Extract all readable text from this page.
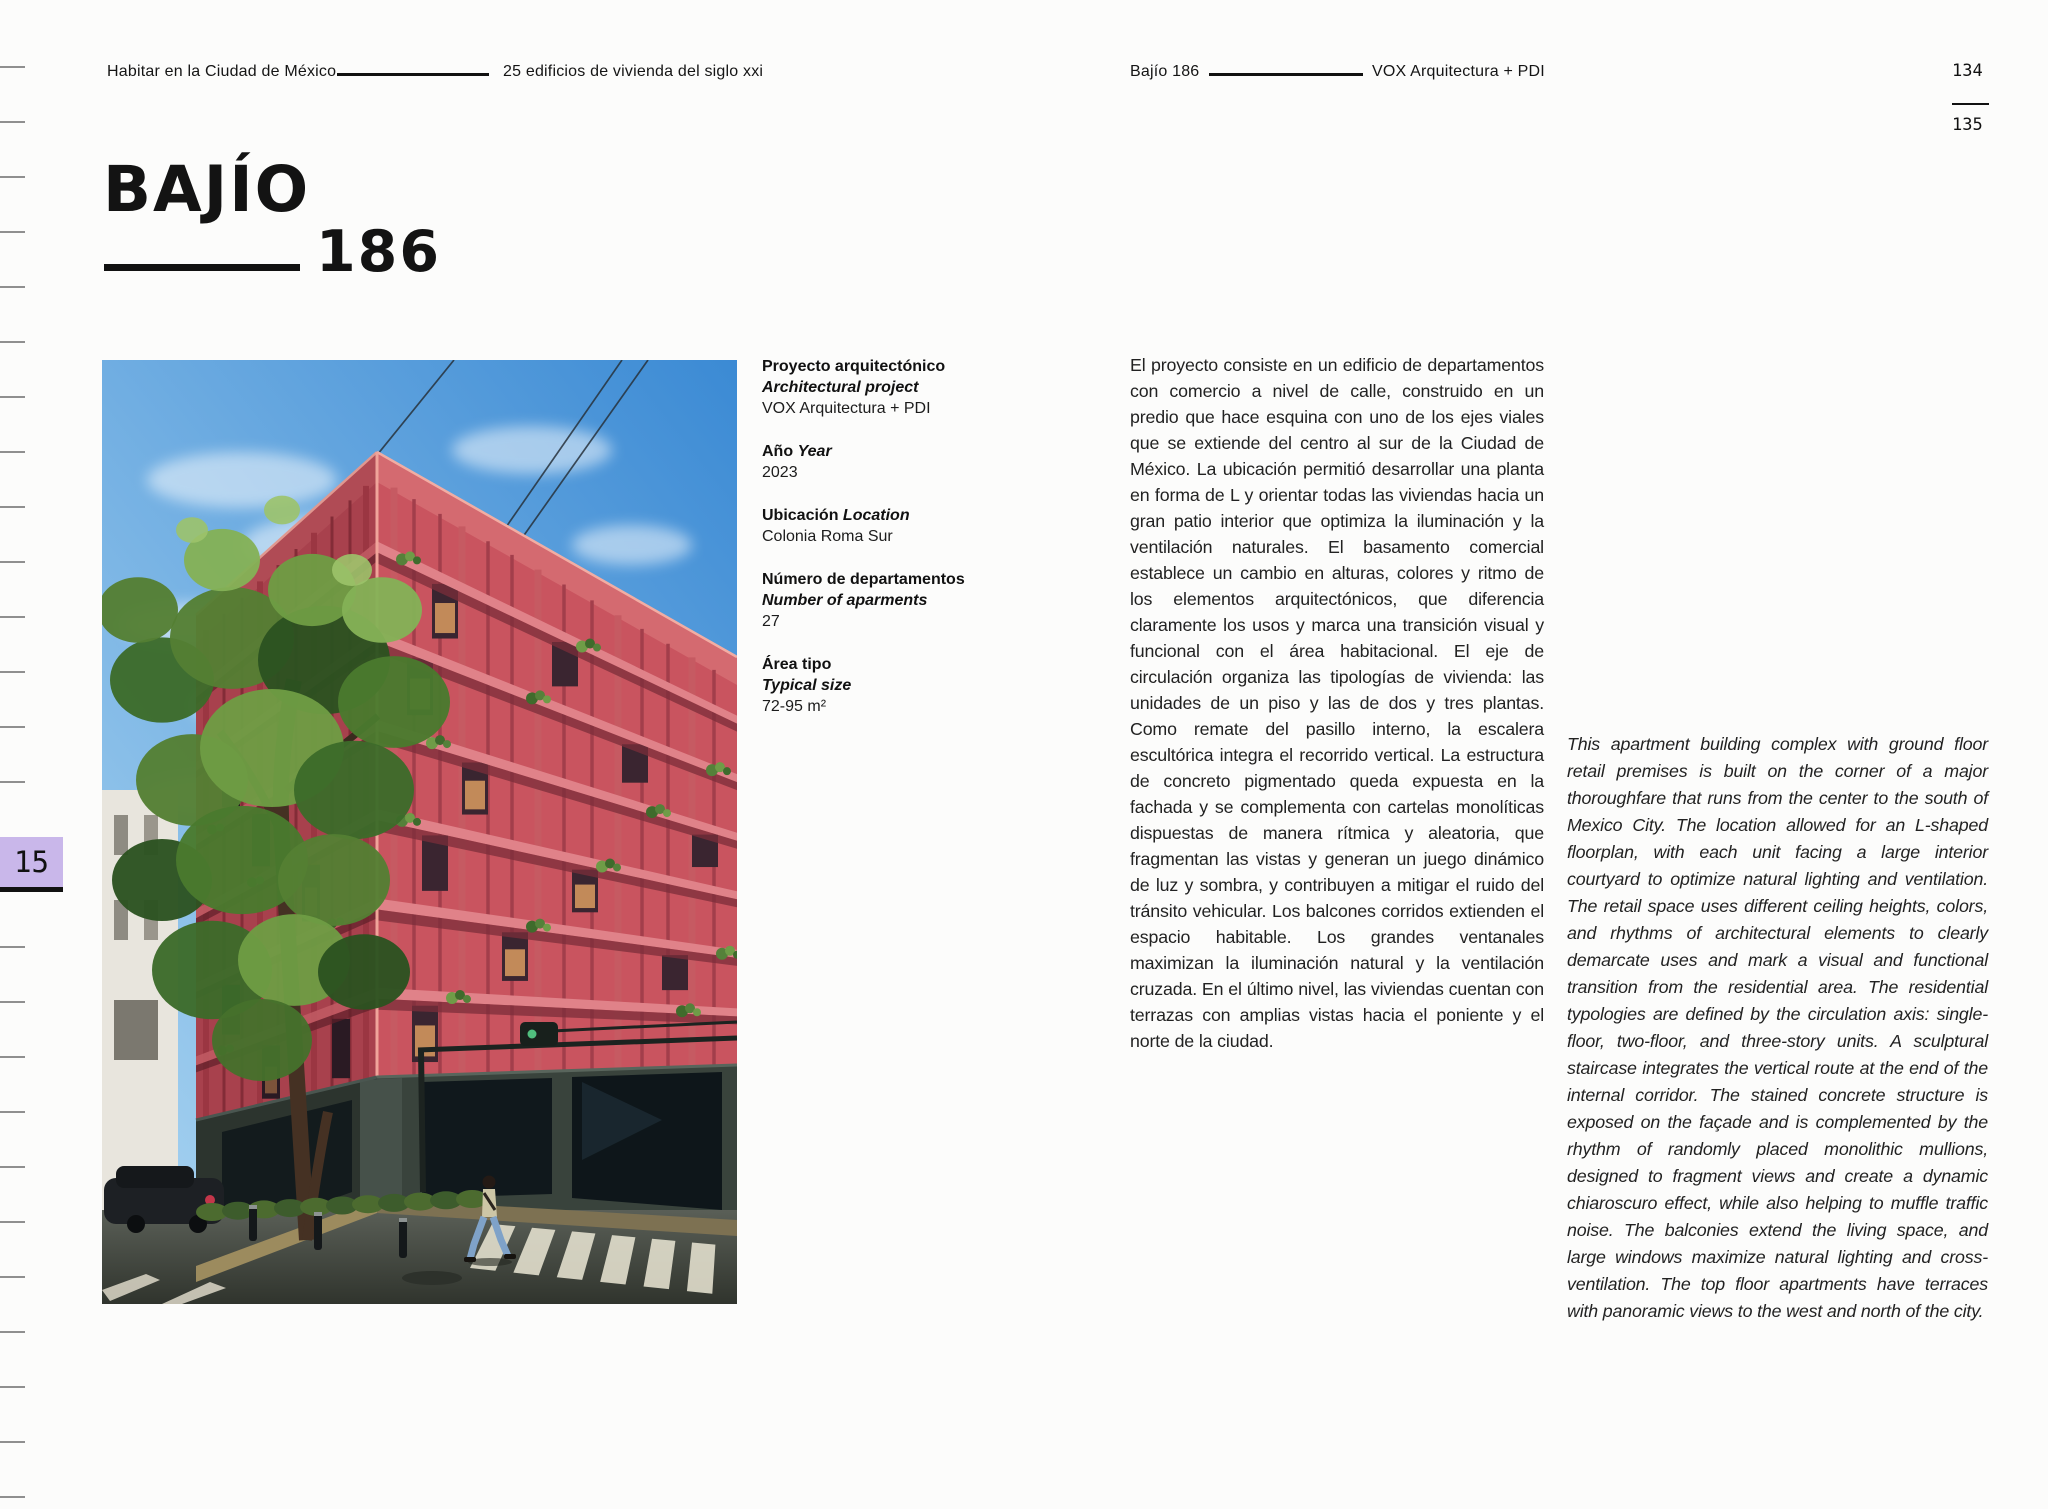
15
Habitar en la Ciudad de México	25 edificios de vivienda del siglo xxi	Bajío 186	VOX Arquitectura + PDI	134
135
BAJÍO
186
Proyecto arquitectónico
Architectural project
VOX Arquitectura + PDI
Año Year
2023
Ubicación Location
Colonia Roma Sur
Número de departamentos
Number of aparments
27
Área tipo
Typical size
72-95 m²
El proyecto consiste en un edificio de departamentos con comercio a nivel de calle, construido en un predio que hace esquina con uno de los ejes viales que se extiende del centro al sur de la Ciudad de México. La ubicación permitió desarrollar una planta en forma de L y orientar todas las viviendas hacia un gran patio interior que optimiza la iluminación y la ventilación naturales. El basamento comercial establece un cambio en alturas, colores y ritmo de los elementos arquitectónicos, que diferencia claramente los usos y marca una transición visual y funcional con el área habitacional. El eje de circulación organiza las tipologías de vivienda: las unidades de un piso y las de dos y tres plantas. Como remate del pasillo interno, la escalera escultórica integra el recorrido vertical. La estructura de concreto pigmentado queda expuesta en la fachada y se complementa con cartelas monolíticas dispuestas de manera rítmica y aleatoria, que fragmentan las vistas y generan un juego dinámico de luz y sombra, y contribuyen a mitigar el ruido del tránsito vehicular. Los balcones corridos extienden el espacio habitable. Los grandes ventanales maximizan la iluminación natural y la ventilación cruzada. En el último nivel, las viviendas cuentan con terrazas con amplias vistas hacia el poniente y el norte de la ciudad.
This apartment building complex with ground floor retail premises is built on the corner of a major thoroughfare that runs from the center to the south of Mexico City. The location allowed for an L-shaped floorplan, with each unit facing a large interior courtyard to optimize natural lighting and ventilation. The retail space uses different ceiling heights, colors, and rhythms of architectural elements to clearly demarcate uses and mark a visual and functional transition from the residential area. The residential typologies are defined by the circulation axis: single-floor, two-floor, and three-story units. A sculptural staircase integrates the vertical route at the end of the internal corridor. The stained concrete structure is exposed on the façade and is complemented by the rhythm of randomly placed monolithic mullions, designed to fragment views and create a dynamic chiaroscuro effect, while also helping to muffle traffic noise. The balconies extend the living space, and large windows maximize natural lighting and cross-ventilation. The top floor apartments have terraces with panoramic views to the west and north of the city.
